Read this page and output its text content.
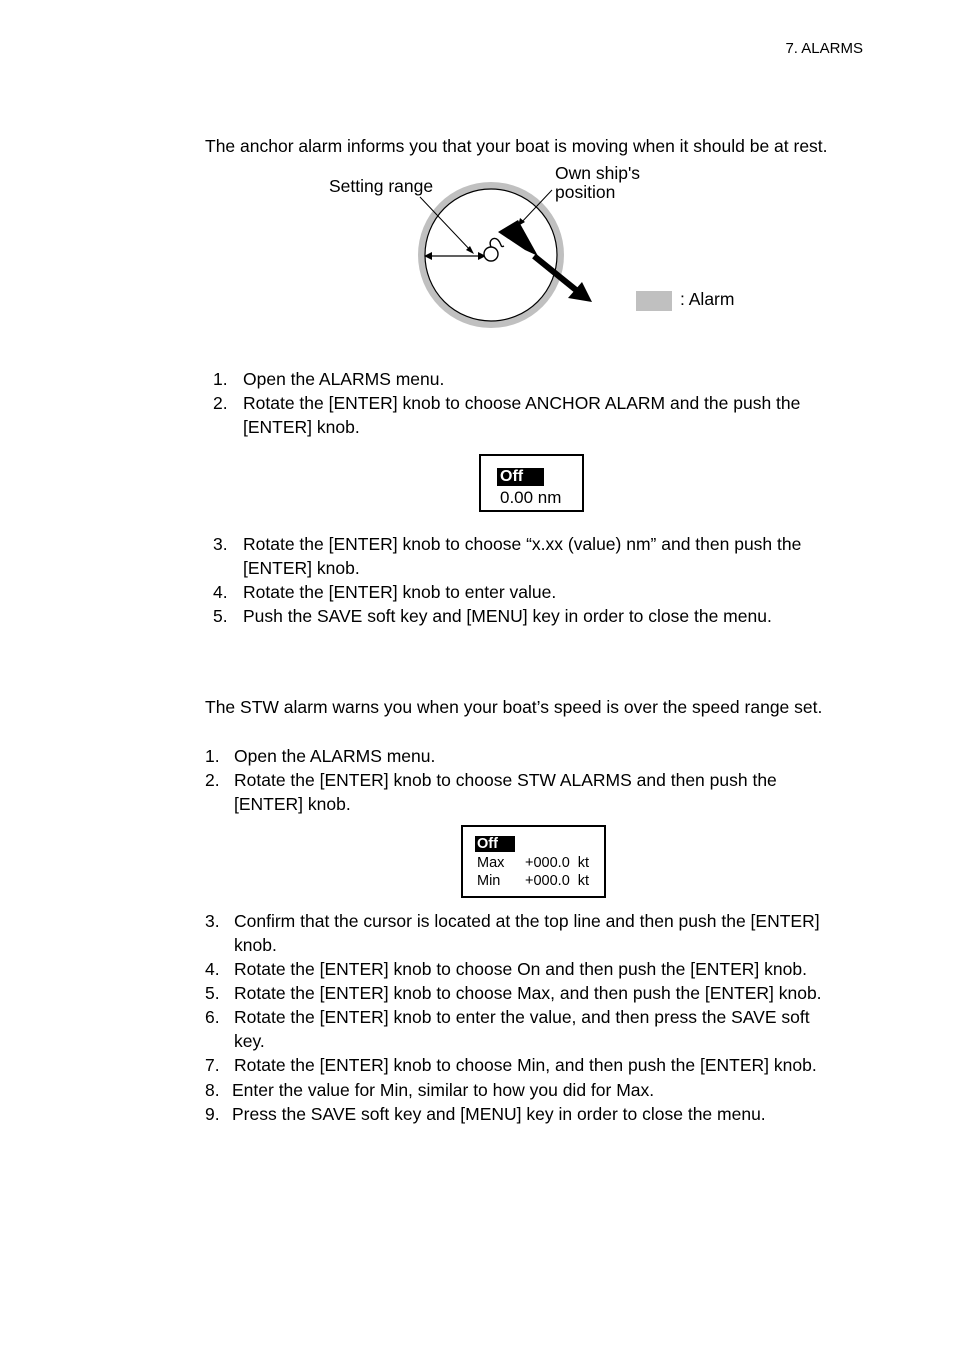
7. ALARMS
The anchor alarm informs you that your boat is moving when it should be at rest.
Setting range
Own ship's
position
: Alarm
1. Open the ALARMS menu.
2. Rotate the [ENTER] knob to choose ANCHOR ALARM and the push the
[ENTER] knob.
Off
0.00 nm
3. Rotate the [ENTER] knob to choose “x.xx (value) nm” and then push the
[ENTER] knob.
4. Rotate the [ENTER] knob to enter value.
5. Push the SAVE soft key and [MENU] key in order to close the menu.
The STW alarm warns you when your boat’s speed is over the speed range set.
1. Open the ALARMS menu.
2. Rotate the [ENTER] knob to choose STW ALARMS and then push the
[ENTER] knob.
Off
Max +000.0  kt
Min +000.0  kt
3. Confirm that the cursor is located at the top line and then push the [ENTER]
knob.
4. Rotate the [ENTER] knob to choose On and then push the [ENTER] knob.
5. Rotate the [ENTER] knob to choose Max, and then push the [ENTER] knob.
6. Rotate the [ENTER] knob to enter the value, and then press the SAVE soft
key.
7. Rotate the [ENTER] knob to choose Min, and then push the [ENTER] knob.
8. Enter the value for Min, similar to how you did for Max.
9. Press the SAVE soft key and [MENU] key in order to close the menu.
